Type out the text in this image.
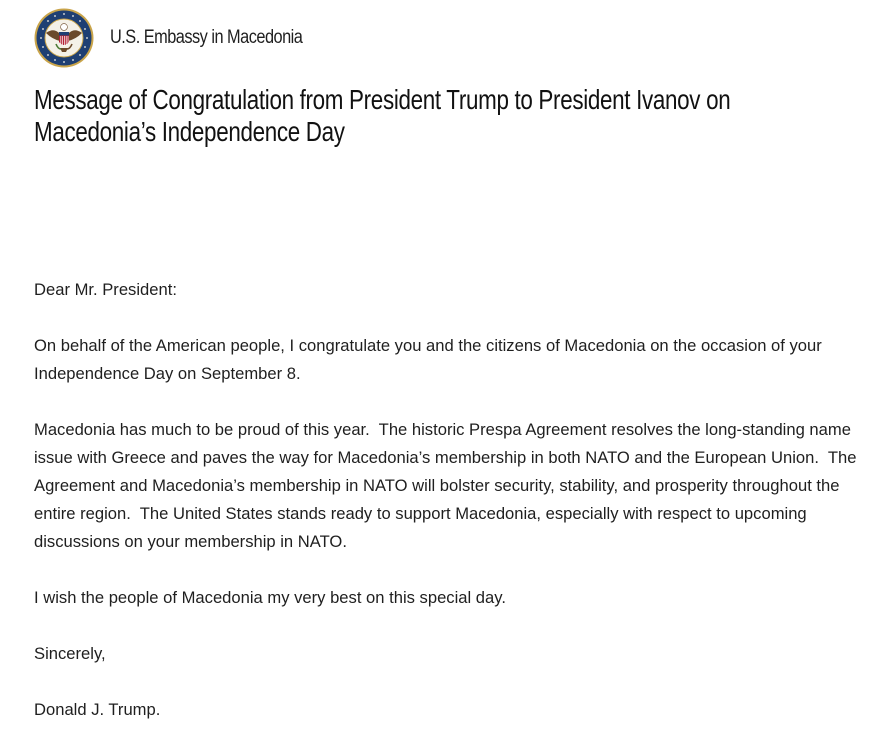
U.S. Embassy in Macedonia
Message of Congratulation from President Trump to President Ivanov on Macedonia’s Independence Day

Dear Mr. President:

On behalf of the American people, I congratulate you and the citizens of Macedonia on the occasion of your Independence Day on September 8.

Macedonia has much to be proud of this year.  The historic Prespa Agreement resolves the long-standing name issue with Greece and paves the way for Macedonia’s membership in both NATO and the European Union.  The Agreement and Macedonia’s membership in NATO will bolster security, stability, and prosperity throughout the entire region.  The United States stands ready to support Macedonia, especially with respect to upcoming discussions on your membership in NATO.

I wish the people of Macedonia my very best on this special day.

Sincerely,

Donald J. Trump.
